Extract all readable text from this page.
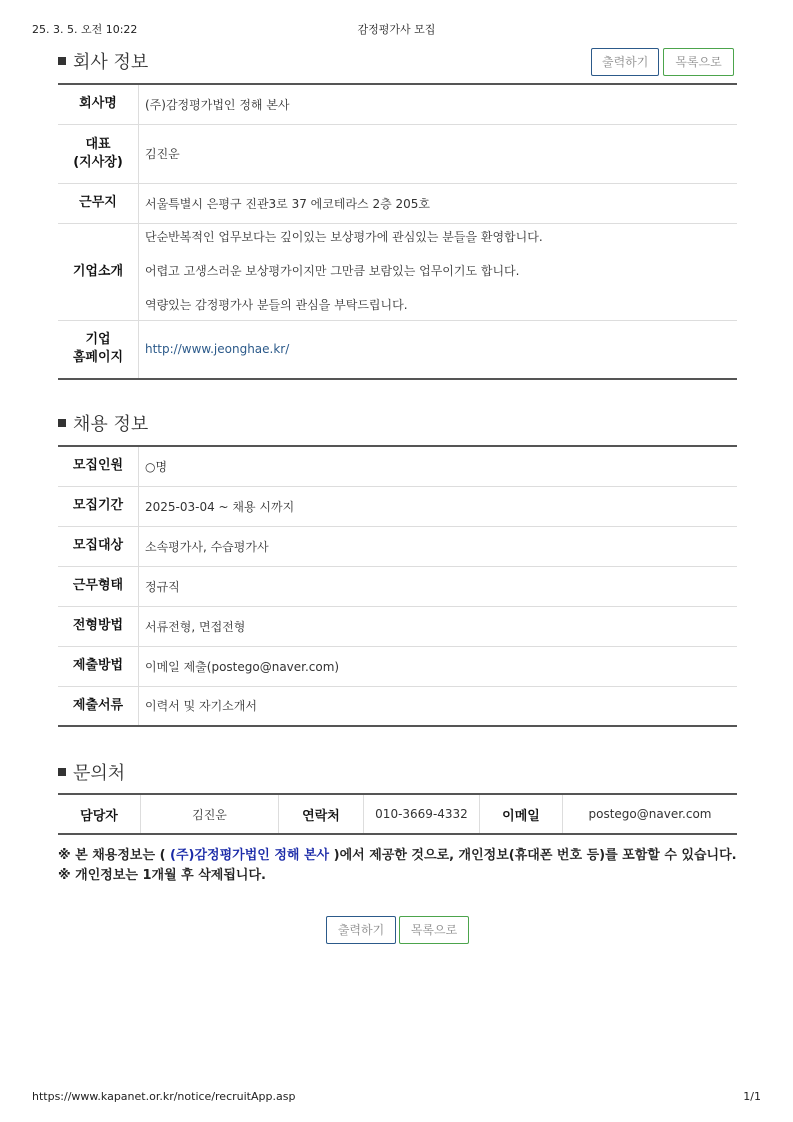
25. 3. 5. 오전 10:22	감정평가사 모집
회사 정보	출력하기	목록으로
회사명	(주)감정평가법인 정해 본사

대표
(지사장)	김진운
근무지	서울특별시 은평구 진관3로 37 에코테라스 2층 205호
기업소개	단순반복적인 업무보다는 깊이있는 보상평가에 관심있는 분들을 환영합니다.
어렵고 고생스러운 보상평가이지만 그만큼 보람있는 업무이기도 합니다.
역량있는 감정평가사 분들의 관심을 부탁드립니다.

기업
홈페이지	http://www.jeonghae.kr/
채용 정보
모집인원	○명
모집기간	2025-03-04 ~ 채용 시까지
모집대상	소속평가사, 수습평가사
근무형태	정규직
전형방법	서류전형, 면접전형
제출방법	이메일 제출(postego@naver.com)
제출서류	이력서 및 자기소개서
문의처
담당자	김진운	연락처	010-3669-4332	이메일	postego@naver.com
※ 본 채용정보는 ( (주)감정평가법인 정해 본사 )에서 제공한 것으로, 개인정보(휴대폰 번호 등)를 포함할 수 있습니다.
※ 개인정보는 1개월 후 삭제됩니다.
출력하기	목록으로
https://www.kapanet.or.kr/notice/recruitApp.asp	1/1
